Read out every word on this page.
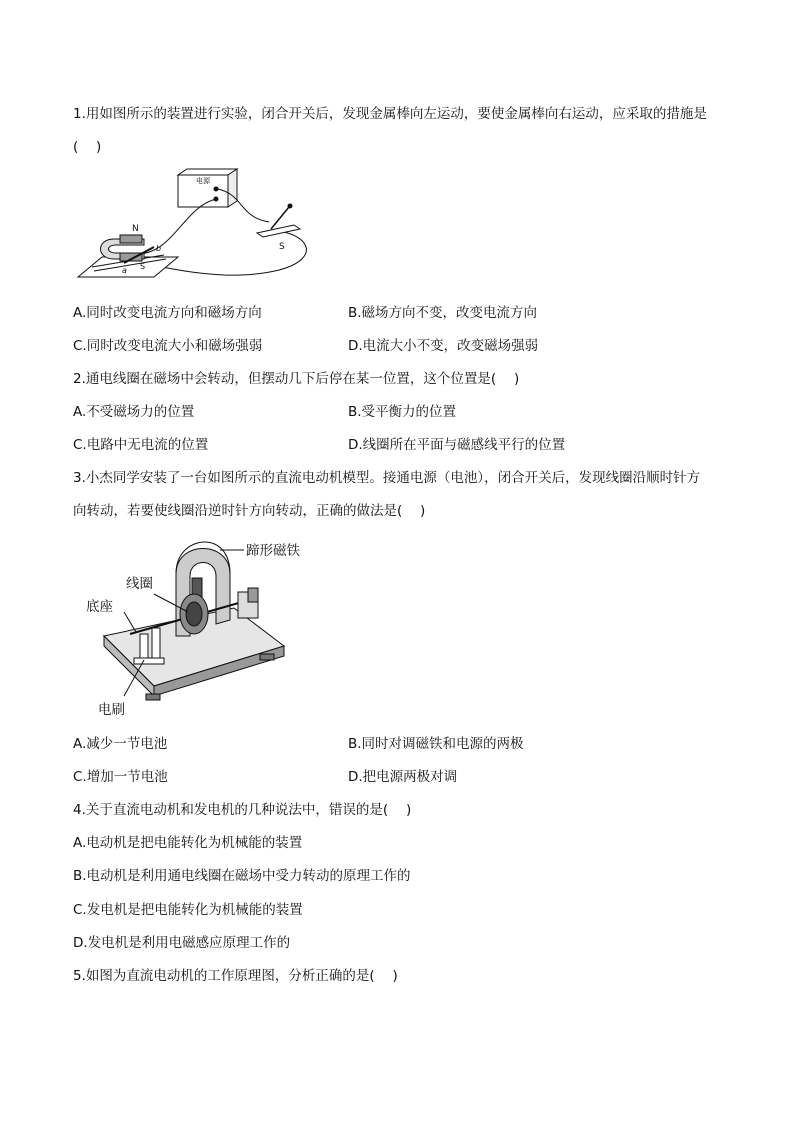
1.用如图所示的装置进行实验，闭合开关后，发现金属棒向左运动，要使金属棒向右运动，应采取的措施是
(　 )
电源
S
N
S
a
b
A.同时改变电流方向和磁场方向	B.磁场方向不变，改变电流方向
C.同时改变电流大小和磁场强弱	D.电流大小不变，改变磁场强弱
2.通电线圈在磁场中会转动，但摆动几下后停在某一位置，这个位置是(　 )
A.不受磁场力的位置	B.受平衡力的位置
C.电路中无电流的位置	D.线圈所在平面与磁感线平行的位置
3.小杰同学安装了一台如图所示的直流电动机模型。接通电源（电池），闭合开关后，发现线圈沿顺时针方
向转动，若要使线圈沿逆时针方向转动，正确的做法是(　 )
蹄形磁铁
线圈
底座
电刷
A.减少一节电池	B.同时对调磁铁和电源的两极
C.增加一节电池	D.把电源两极对调
4.关于直流电动机和发电机的几种说法中，错误的是(　 )
A.电动机是把电能转化为机械能的装置
B.电动机是利用通电线圈在磁场中受力转动的原理工作的
C.发电机是把电能转化为机械能的装置
D.发电机是利用电磁感应原理工作的
5.如图为直流电动机的工作原理图，分析正确的是(　 )
